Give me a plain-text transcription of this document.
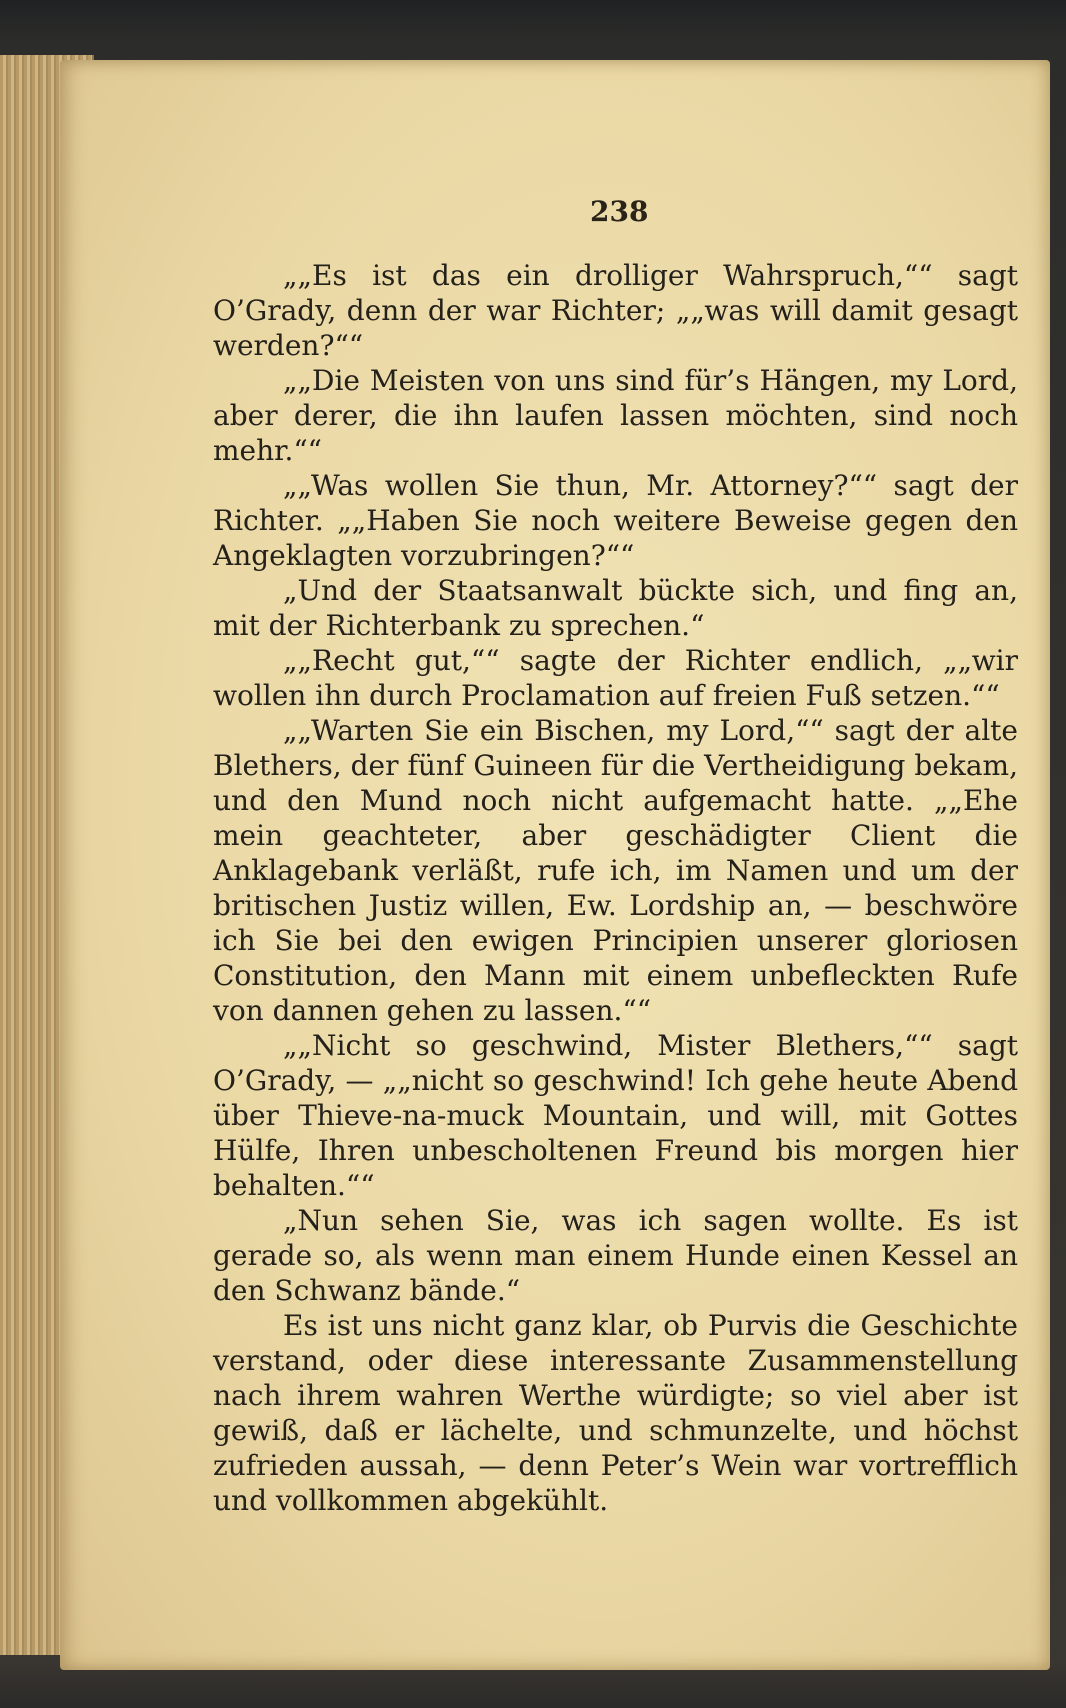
238

„„Es ist das ein drolliger Wahrspruch,““ sagt O’Grady, denn der war Richter; „„was will damit gesagt werden?““

„„Die Meisten von uns sind für’s Hängen, my Lord, aber derer, die ihn laufen lassen möchten, sind noch mehr.““

„„Was wollen Sie thun, Mr. Attorney?““ sagt der Richter. „„Haben Sie noch weitere Beweise gegen den Angeklagten vorzubringen?““

„Und der Staatsanwalt bückte sich, und fing an, mit der Richterbank zu sprechen.“

„„Recht gut,““ sagte der Richter endlich, „„wir wollen ihn durch Proclamation auf freien Fuß setzen.““

„„Warten Sie ein Bischen, my Lord,““ sagt der alte Blethers, der fünf Guineen für die Vertheidigung bekam, und den Mund noch nicht aufgemacht hatte. „„Ehe mein geachteter, aber geschädigter Client die Anklagebank verläßt, rufe ich, im Namen und um der britischen Justiz willen, Ew. Lordship an, — beschwöre ich Sie bei den ewigen Principien unserer gloriosen Constitution, den Mann mit einem unbefleckten Rufe von dannen gehen zu lassen.““

„„Nicht so geschwind, Mister Blethers,““ sagt O’Grady, — „„nicht so geschwind! Ich gehe heute Abend über Thieve-na-muck Mountain, und will, mit Gottes Hülfe, Ihren unbescholtenen Freund bis morgen hier behalten.““

„Nun sehen Sie, was ich sagen wollte. Es ist gerade so, als wenn man einem Hunde einen Kessel an den Schwanz bände.“

Es ist uns nicht ganz klar, ob Purvis die Geschichte verstand, oder diese interessante Zusammenstellung nach ihrem wahren Werthe würdigte; so viel aber ist gewiß, daß er lächelte, und schmunzelte, und höchst zufrieden aussah, — denn Peter’s Wein war vortrefflich und vollkommen abgekühlt.
